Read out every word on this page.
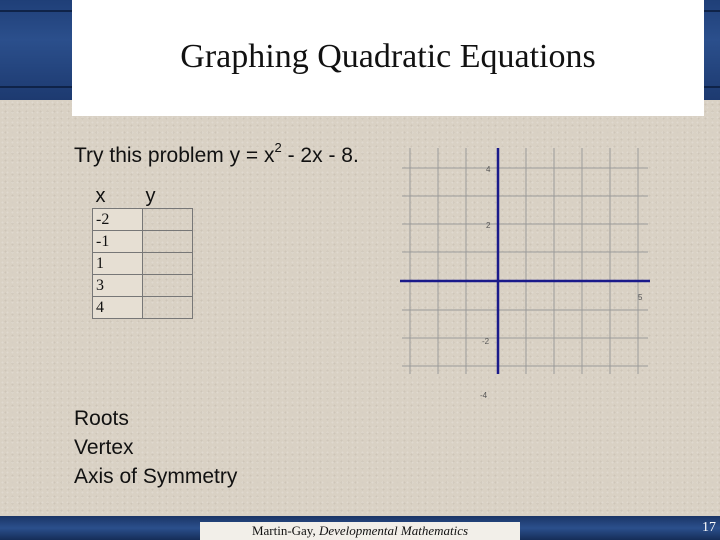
Graphing Quadratic Equations
Try this problem $y = x^2 - 2x - 8$.
x	y
-2	
-1	
1	
3	
4	
Roots
Vertex
Axis of Symmetry
4
2
5
-2
-4
Martin-Gay, Developmental Mathematics	17
